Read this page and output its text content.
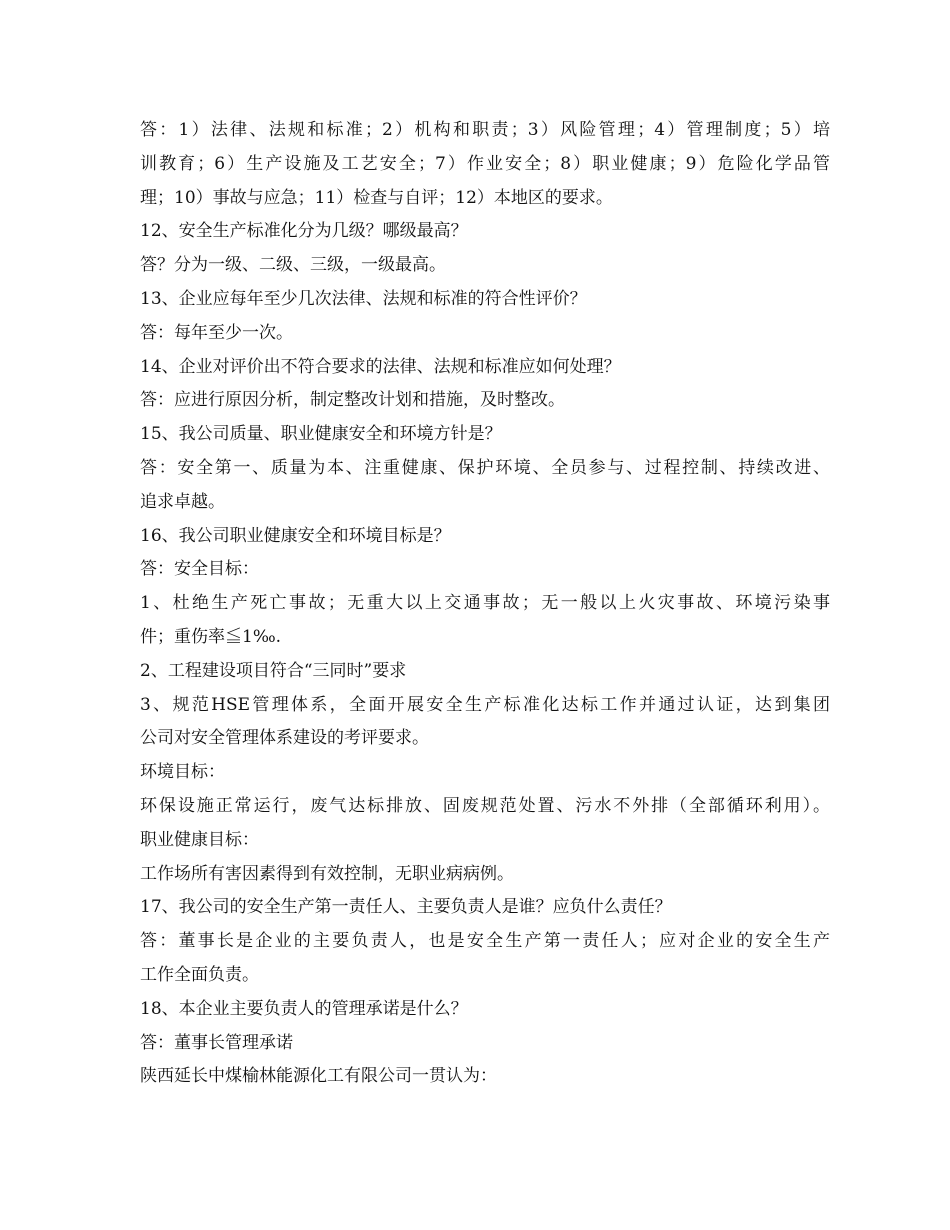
答：1）法律、法规和标准；2）机构和职责；3）风险管理；4）管理制度；5）培
训教育；6）生产设施及工艺安全；7）作业安全；8）职业健康；9）危险化学品管
理；10）事故与应急；11）检查与自评；12）本地区的要求。
12、安全生产标准化分为几级？哪级最高？
答？分为一级、二级、三级，一级最高。
13、企业应每年至少几次法律、法规和标准的符合性评价？
答：每年至少一次。
14、企业对评价出不符合要求的法律、法规和标准应如何处理？
答：应进行原因分析，制定整改计划和措施，及时整改。
15、我公司质量、职业健康安全和环境方针是？
答：安全第一、质量为本、注重健康、保护环境、全员参与、过程控制、持续改进、
追求卓越。
16、我公司职业健康安全和环境目标是？
答：安全目标：
1、杜绝生产死亡事故；无重大以上交通事故；无一般以上火灾事故、环境污染事
件；重伤率≦1‰.
2、工程建设项目符合“三同时”要求
3、规范HSE管理体系，全面开展安全生产标准化达标工作并通过认证，达到集团
公司对安全管理体系建设的考评要求。
环境目标：
环保设施正常运行，废气达标排放、固废规范处置、污水不外排（全部循环利用）。
职业健康目标：
工作场所有害因素得到有效控制，无职业病病例。
17、我公司的安全生产第一责任人、主要负责人是谁？应负什么责任？
答：董事长是企业的主要负责人，也是安全生产第一责任人；应对企业的安全生产
工作全面负责。
18、本企业主要负责人的管理承诺是什么？
答：董事长管理承诺
陕西延长中煤榆林能源化工有限公司一贯认为：
